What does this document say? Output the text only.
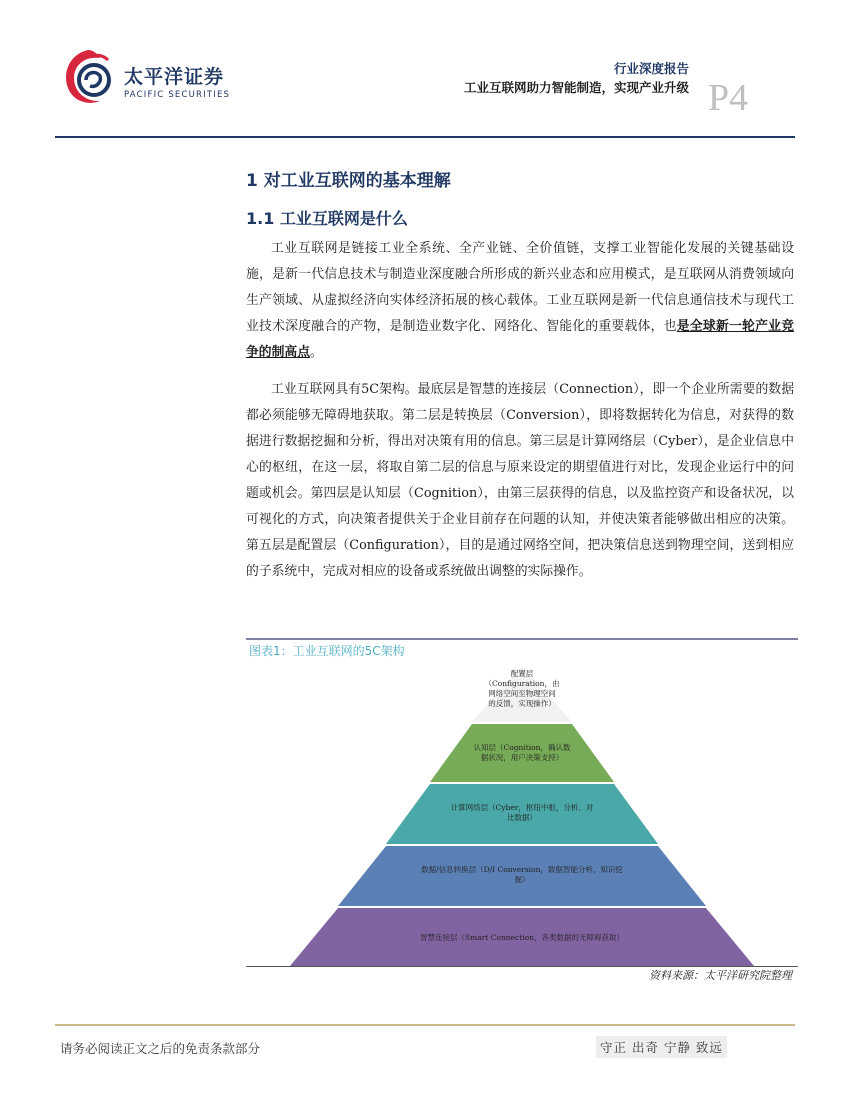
太平洋证券
PACIFIC SECURITIES
行业深度报告
工业互联网助力智能制造，实现产业升级 P4
1 对工业互联网的基本理解
1.1 工业互联网是什么

工业互联网是链接工业全系统、全产业链、全价值链，支撑工业智能化发展的关键基础设施，是新一代信息技术与制造业深度融合所形成的新兴业态和应用模式，是互联网从消费领域向生产领域、从虚拟经济向实体经济拓展的核心载体。工业互联网是新一代信息通信技术与现代工业技术深度融合的产物，是制造业数字化、网络化、智能化的重要载体，也是全球新一轮产业竞争的制高点。

工业互联网具有5C架构。最底层是智慧的连接层（Connection），即一个企业所需要的数据都必须能够无障碍地获取。第二层是转换层（Conversion），即将数据转化为信息，对获得的数据进行数据挖掘和分析，得出对决策有用的信息。第三层是计算网络层（Cyber），是企业信息中心的枢纽，在这一层，将取自第二层的信息与原来设定的期望值进行对比，发现企业运行中的问题或机会。第四层是认知层（Cognition），由第三层获得的信息，以及监控资产和设备状况，以可视化的方式，向决策者提供关于企业目前存在问题的认知，并使决策者能够做出相应的决策。第五层是配置层（Configuration），目的是通过网络空间，把决策信息送到物理空间，送到相应的子系统中，完成对相应的设备或系统做出调整的实际操作。

图表1：工业互联网的5C架构
配置层
（Configuration，由
网络空间至物理空间
的反馈，实现操作）
认知层（Cognition，确认数
据状况，用户决策支持）
计算网络层（Cyber，枢纽中枢，分析、对
比数据）
数据/信息转换层（D/I Conversion，数据智能分析、知识挖
掘）
智慧连接层（Smart Connection，各类数据的无障碍获取）
资料来源：太平洋研究院整理
请务必阅读正文之后的免责条款部分	守正 出奇 宁静 致远
